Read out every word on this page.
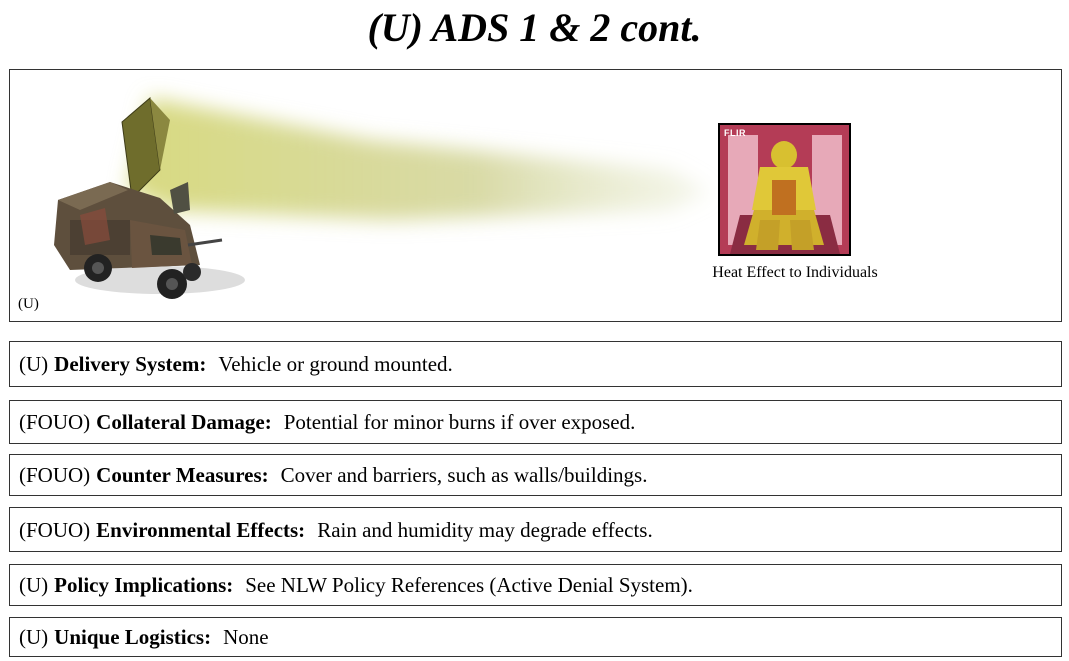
(U) ADS 1 & 2 cont.
(U)
FLIR
Heat Effect to Individuals
(U) Delivery System: Vehicle or ground mounted.
(FOUO) Collateral Damage: Potential for minor burns if over exposed.
(FOUO) Counter Measures: Cover and barriers, such as walls/buildings.
(FOUO) Environmental Effects: Rain and humidity may degrade effects.
(U) Policy Implications: See NLW Policy References (Active Denial System).
(U) Unique Logistics: None
